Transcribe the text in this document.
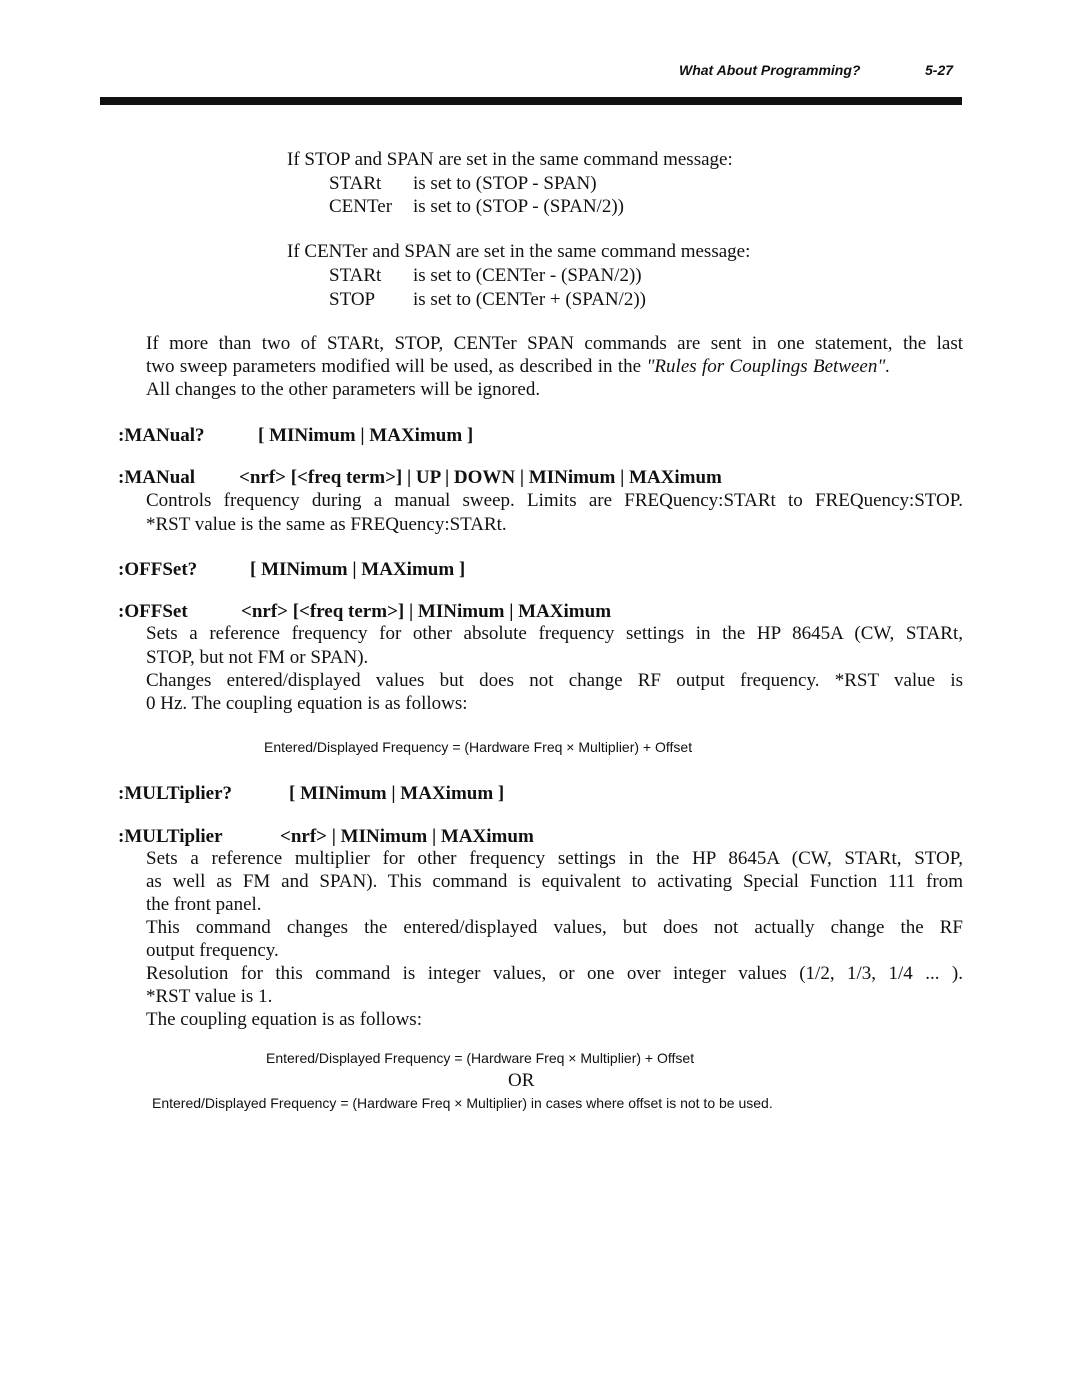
What About Programming?	5-27
If STOP and SPAN are set in the same command message:
STARt is set to (STOP - SPAN)
CENTer is set to (STOP - (SPAN/2))
If CENTer and SPAN are set in the same command message:
STARt is set to (CENTer - (SPAN/2))
STOP is set to (CENTer + (SPAN/2))
If more than two of STARt, STOP, CENTer SPAN commands are sent in one statement, the last
two sweep parameters modified will be used, as described in the "Rules for Couplings Between".
All changes to the other parameters will be ignored.
:MANual?	[ MINimum | MAXimum ]
:MANual <nrf> [<freq term>] | UP | DOWN | MINimum | MAXimum
Controls frequency during a manual sweep. Limits are FREQuency:STARt to FREQuency:STOP.
*RST value is the same as FREQuency:STARt.
:OFFSet?	[ MINimum | MAXimum ]
:OFFSet	<nrf> [<freq term>] | MINimum | MAXimum
Sets a reference frequency for other absolute frequency settings in the HP 8645A (CW, STARt,
STOP, but not FM or SPAN).
Changes entered/displayed values but does not change RF output frequency. *RST value is
0 Hz. The coupling equation is as follows:
Entered/Displayed Frequency = (Hardware Freq × Multiplier) + Offset
:MULTiplier?	[ MINimum | MAXimum ]
:MULTiplier	<nrf> | MINimum | MAXimum
Sets a reference multiplier for other frequency settings in the HP 8645A (CW, STARt, STOP,
as well as FM and SPAN). This command is equivalent to activating Special Function 111 from
the front panel.
This command changes the entered/displayed values, but does not actually change the RF
output frequency.
Resolution for this command is integer values, or one over integer values (1/2, 1/3, 1/4 ... ).
*RST value is 1.
The coupling equation is as follows:
Entered/Displayed Frequency = (Hardware Freq × Multiplier) + Offset
OR
Entered/Displayed Frequency = (Hardware Freq × Multiplier) in cases where offset is not to be used.
